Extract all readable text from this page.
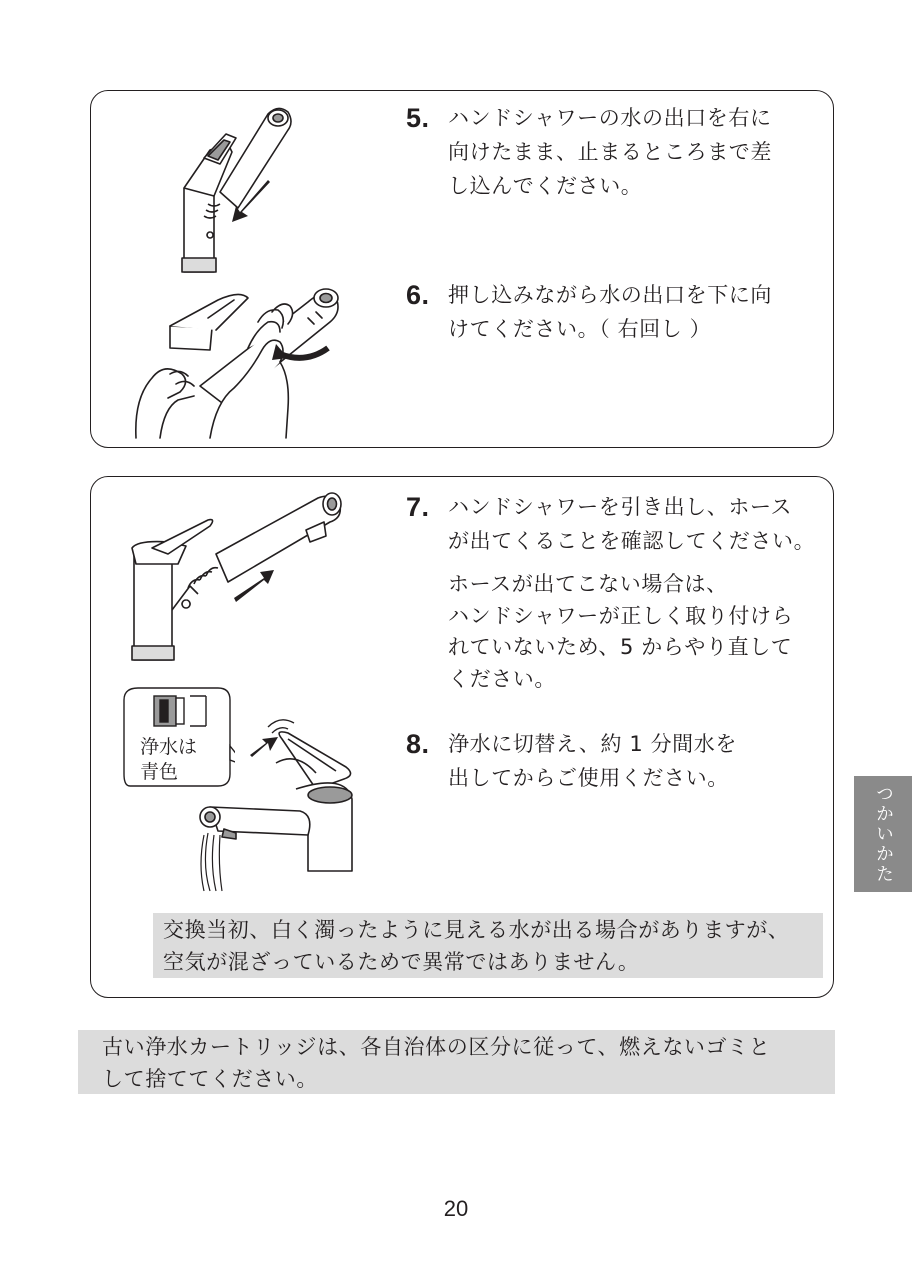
5. ハンドシャワーの水の出口を右に
向けたまま、止まるところまで差
し込んでください。
6. 押し込みながら水の出口を下に向
けてください。（ 右回し ）
浄水は
青色
7. ハンドシャワーを引き出し、ホース
が出てくることを確認してください。
ホースが出てこない場合は、
ハンドシャワーが正しく取り付けら
れていないため、5 からやり直して
ください。
8. 浄水に切替え、約 1 分間水を
出してからご使用ください。
交換当初、白く濁ったように見える水が出る場合がありますが、
空気が混ざっているためで異常ではありません。
古い浄水カートリッジは、各自治体の区分に従って、燃えないゴミと
して捨ててください。
つかいかた
20
